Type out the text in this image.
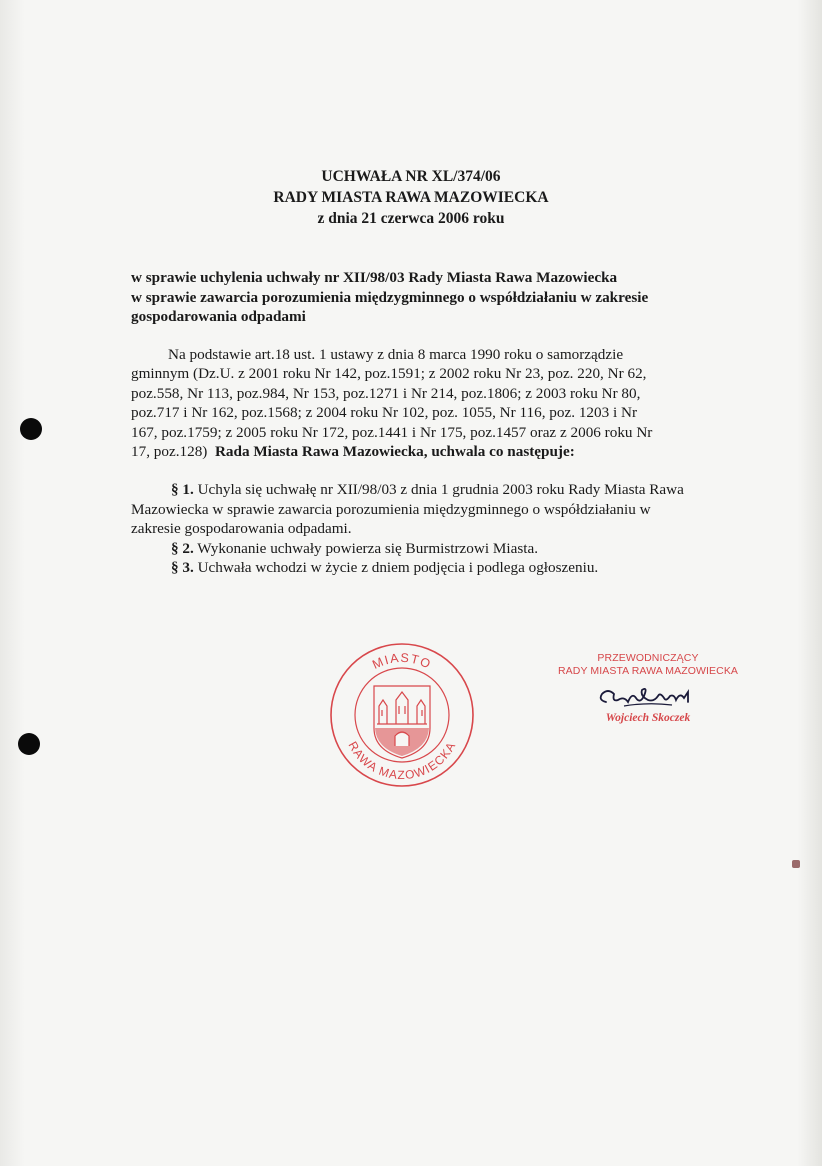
UCHWAŁA NR XL/374/06
RADY MIASTA RAWA MAZOWIECKA
z dnia 21 czerwca 2006 roku
w sprawie uchylenia uchwały nr XII/98/03 Rady Miasta Rawa Mazowiecka
w sprawie zawarcia porozumienia międzygminnego o współdziałaniu w zakresie
gospodarowania odpadami
Na podstawie art.18 ust. 1 ustawy z dnia 8 marca 1990 roku o samorządzie
gminnym (Dz.U. z 2001 roku Nr 142, poz.1591; z 2002 roku Nr 23, poz. 220, Nr 62,
poz.558, Nr 113, poz.984, Nr 153, poz.1271 i Nr 214, poz.1806; z 2003 roku Nr 80,
poz.717 i Nr 162, poz.1568; z 2004 roku Nr 102, poz. 1055, Nr 116, poz. 1203 i Nr
167, poz.1759; z 2005 roku Nr 172, poz.1441 i Nr 175, poz.1457 oraz z 2006 roku Nr
17, poz.128)  Rada Miasta Rawa Mazowiecka, uchwala co następuje:
§ 1. Uchyla się uchwałę nr XII/98/03 z dnia 1 grudnia 2003 roku Rady Miasta Rawa
Mazowiecka w sprawie zawarcia porozumienia międzygminnego o współdziałaniu w
zakresie gospodarowania odpadami.
§ 2. Wykonanie uchwały powierza się Burmistrzowi Miasta.
§ 3. Uchwała wchodzi w życie z dniem podjęcia i podlega ogłoszeniu.
MIASTO
RAWA MAZOWIECKA
PRZEWODNICZĄCY
RADY MIASTA RAWA MAZOWIECKA
Wojciech Skoczek
